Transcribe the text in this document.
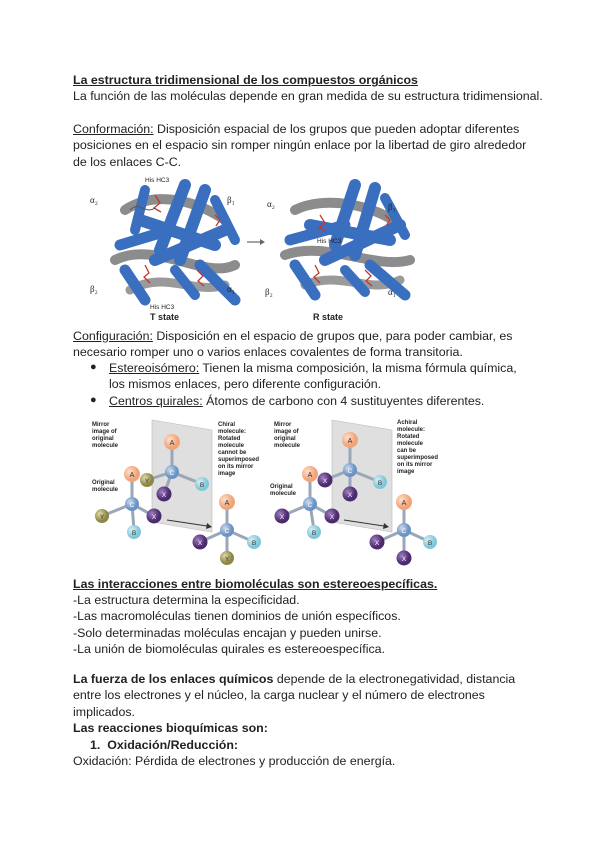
La estructura tridimensional de los compuestos orgánicos
La función de las moléculas depende en gran medida de su estructura tridimensional.
Conformación: Disposición espacial de los grupos que pueden adoptar diferentes posiciones en el espacio sin romper ningún enlace por la libertad de giro alrededor de los enlaces C-C.
α₂	β₁
β₂	α₁
His HC3
His HC3
T state
α₂	β₁
β₂	α₁
His HC3
R state
Configuración: Disposición en el espacio de grupos que, para poder cambiar, es necesario romper uno o varios enlaces covalentes de forma transitoria.
● Estereoisómero: Tienen la misma composición, la misma fórmula química, los mismos enlaces, pero diferente configuración.
● Centros quirales: Átomos de carbono con 4 sustituyentes diferentes.
Mirror image of original molecule
Chiral molecule: Rotated molecule cannot be superimposed on its mirror image
Original molecule
A
C
B
X
Y
A
C
Y	X
B
A
C
X	B
Y
Mirror image of original molecule
Achiral molecule: Rotated molecule can be superimposed on its mirror image
Original molecule
A
C
B
X
X
A
C
X	X
B
A
C
X	B
X
Las interacciones entre biomoléculas son estereoespecíficas.
-La estructura determina la especificidad.
-Las macromoléculas tienen dominios de unión específicos.
-Solo determinadas moléculas encajan y pueden unirse.
-La unión de biomoléculas quirales es estereoespecífica.
La fuerza de los enlaces químicos depende de la electronegatividad, distancia entre los electrones y el núcleo, la carga nuclear y el número de electrones implicados.
Las reacciones bioquímicas son:
1. Oxidación/Reducción:
Oxidación: Pérdida de electrones y producción de energía.
